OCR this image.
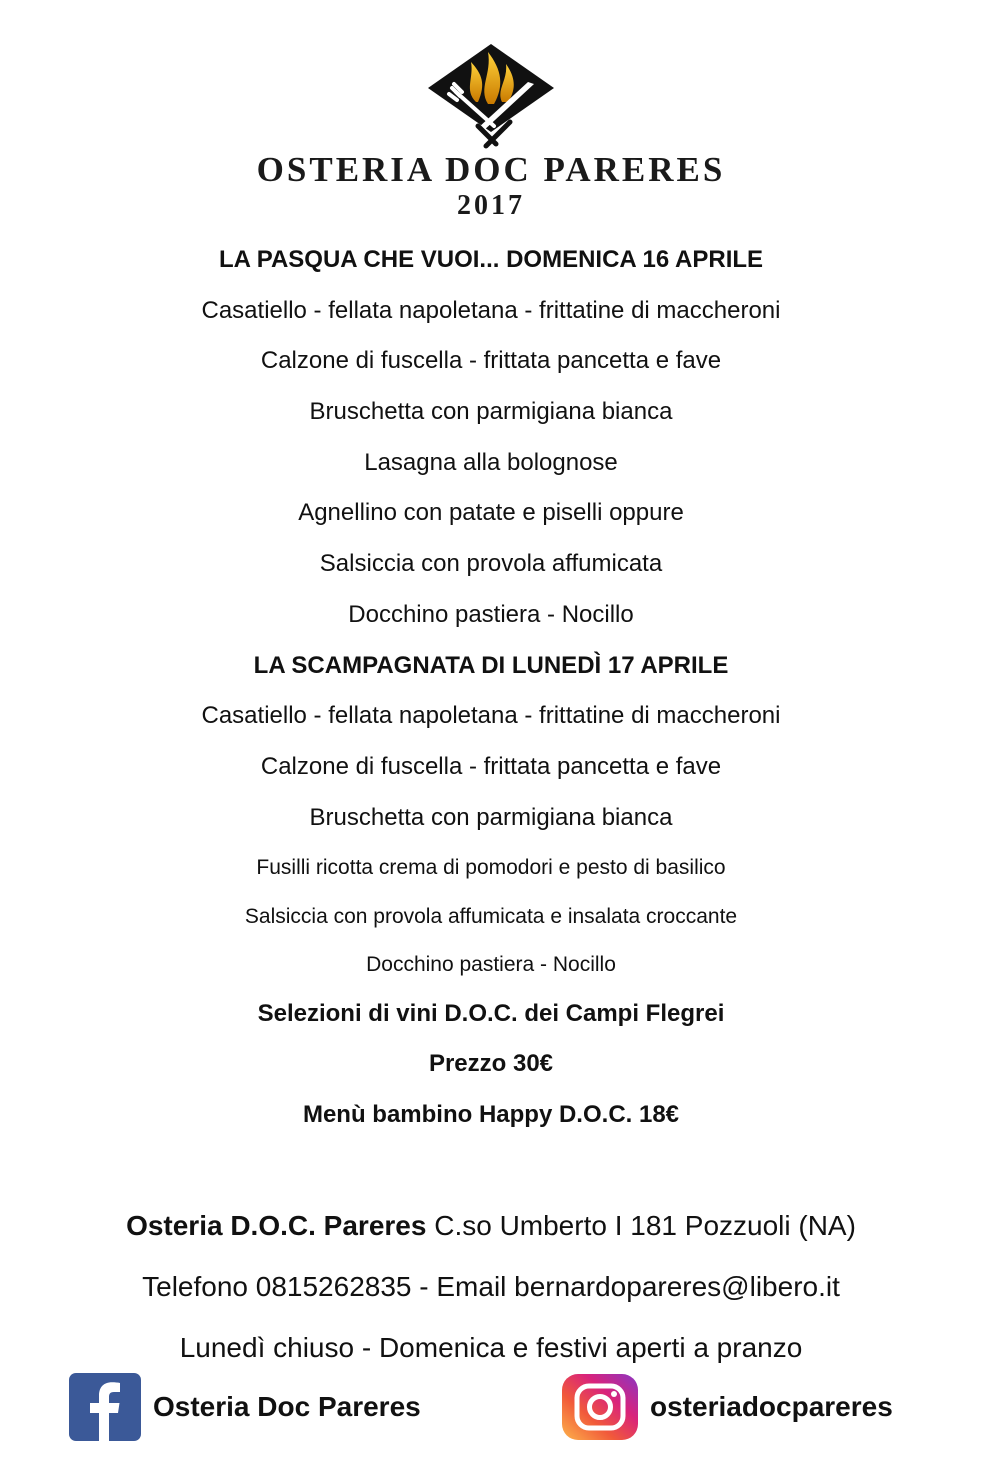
OSTERIA DOC PARERES
2017
LA PASQUA CHE VUOI... DOMENICA 16 APRILE
Casatiello - fellata napoletana - frittatine di maccheroni
Calzone di fuscella - frittata pancetta e fave
Bruschetta con parmigiana bianca
Lasagna alla bolognose
Agnellino con patate e piselli oppure
Salsiccia con provola affumicata
Docchino pastiera - Nocillo
LA SCAMPAGNATA DI LUNEDÌ 17 APRILE
Casatiello - fellata napoletana - frittatine di maccheroni
Calzone di fuscella - frittata pancetta e fave
Bruschetta con parmigiana bianca
Fusilli ricotta crema di pomodori e pesto di basilico
Salsiccia con provola affumicata e insalata croccante
Docchino pastiera - Nocillo
Selezioni di vini D.O.C. dei Campi Flegrei
Prezzo 30€
Menù bambino Happy D.O.C. 18€
Osteria D.O.C. Pareres C.so Umberto I 181 Pozzuoli (NA)
Telefono 0815262835 - Email bernardopareres@libero.it
Lunedì chiuso - Domenica e festivi aperti a pranzo
Osteria Doc Pareres	osteriadocpareres
